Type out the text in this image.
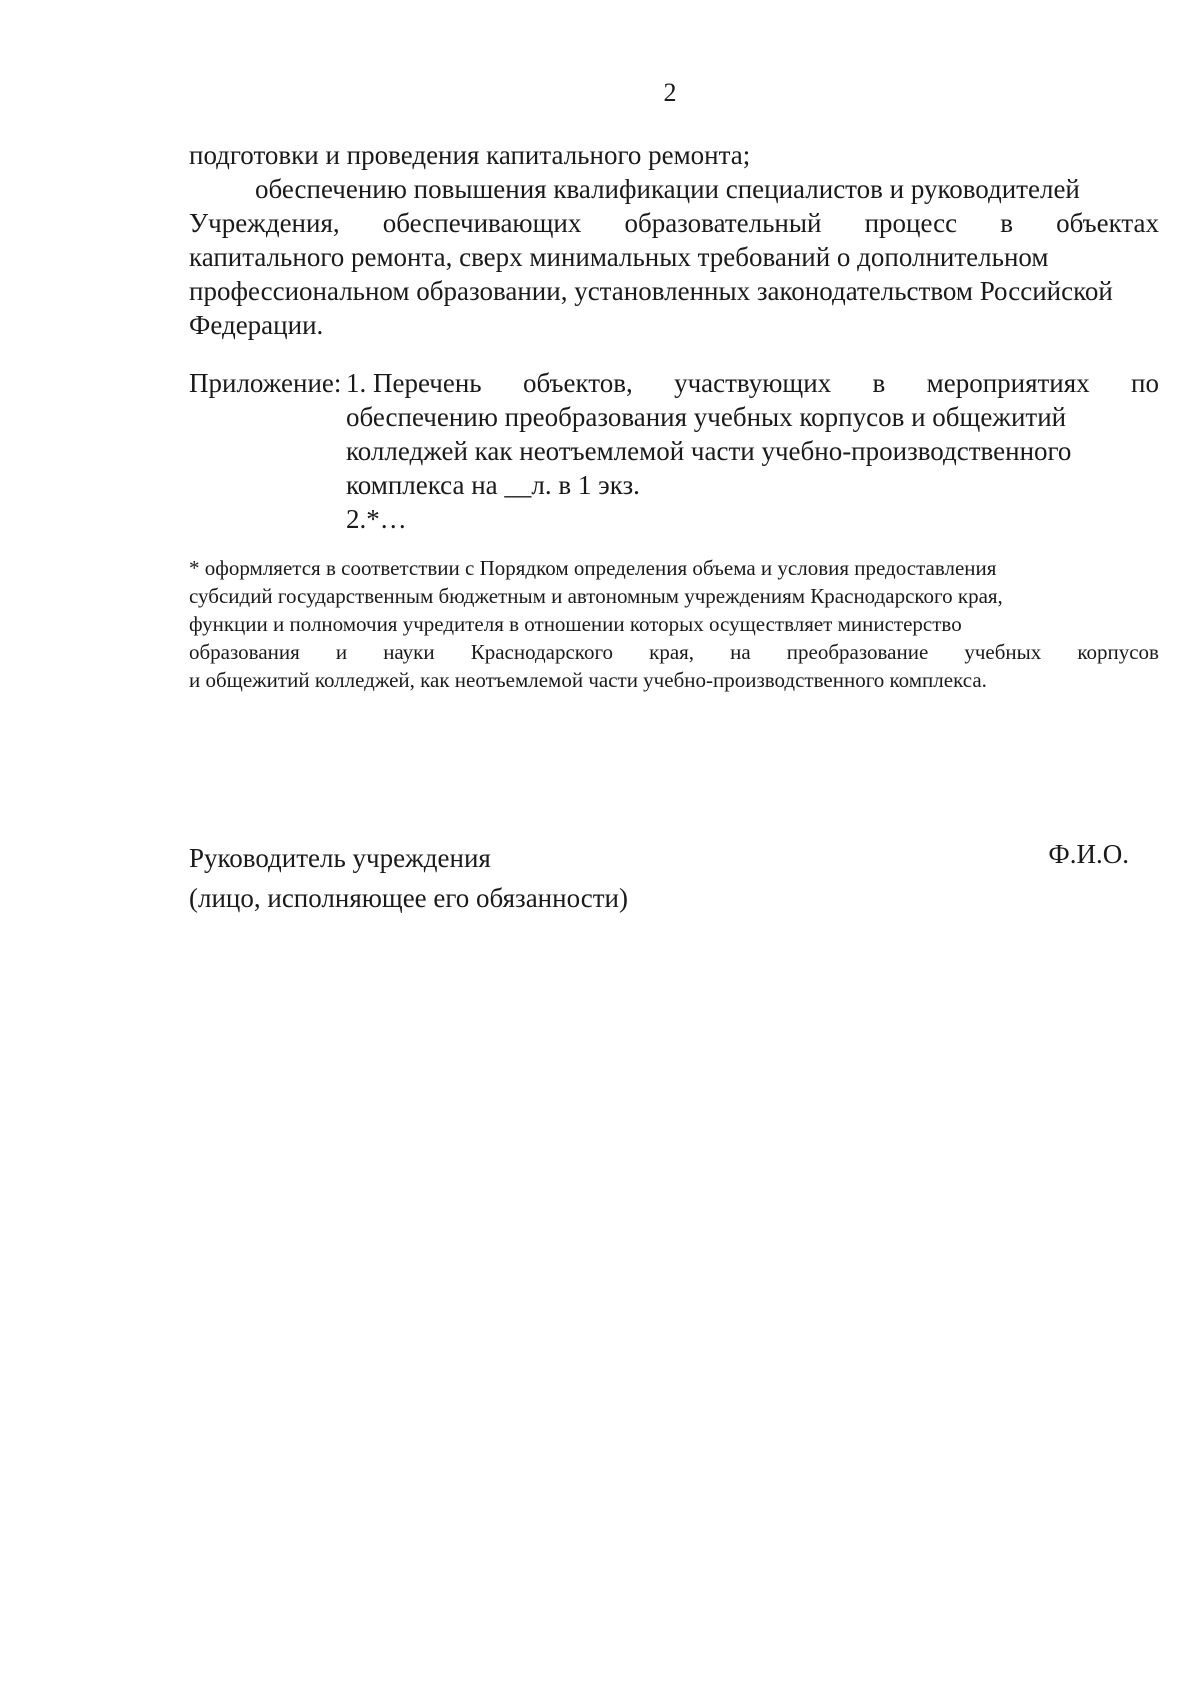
2
подготовки и проведения капитального ремонта;
обеспечению повышения квалификации специалистов и руководителей
Учреждения, обеспечивающих образовательный процесс в объектах
капитального ремонта, сверх минимальных требований о дополнительном
профессиональном образовании, установленных законодательством Российской
Федерации.
Приложение: 1. Перечень объектов, участвующих в мероприятиях по
обеспечению преобразования учебных корпусов и общежитий
колледжей как неотъемлемой части учебно-производственного
комплекса на __л. в 1 экз.
2.*…
* оформляется в соответствии с Порядком определения объема и условия предоставления
субсидий государственным бюджетным и автономным учреждениям Краснодарского края,
функции и полномочия учредителя в отношении которых осуществляет министерство
образования и науки Краснодарского края, на преобразование учебных корпусов
и общежитий колледжей, как неотъемлемой части учебно-производственного комплекса.
Руководитель учреждения
(лицо, исполняющее его обязанности)
Ф.И.О.
